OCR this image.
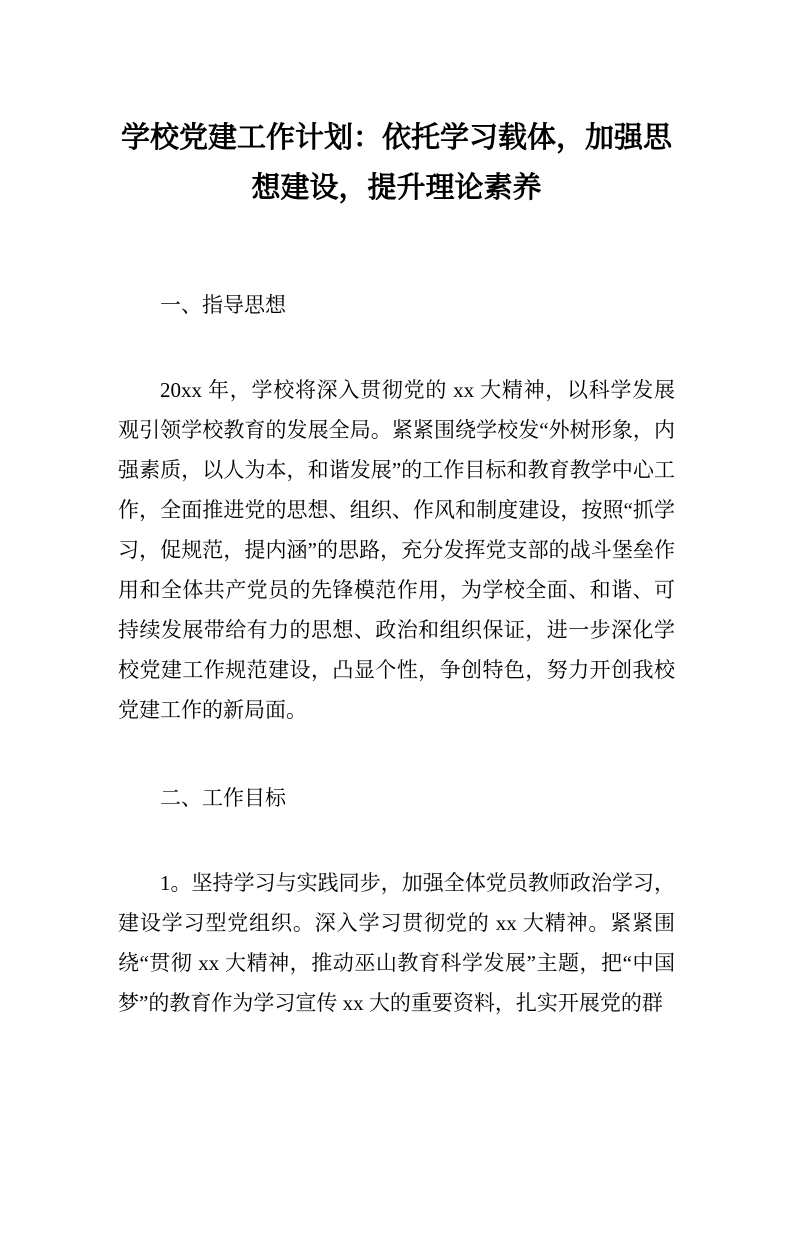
学校党建工作计划：依托学习载体，加强思想建设，提升理论素养
一、指导思想

20xx 年，学校将深入贯彻党的 xx 大精神，以科学发展观引领学校教育的发展全局。紧紧围绕学校发“外树形象，内强素质，以人为本，和谐发展”的工作目标和教育教学中心工作，全面推进党的思想、组织、作风和制度建设，按照“抓学习，促规范，提内涵”的思路，充分发挥党支部的战斗堡垒作用和全体共产党员的先锋模范作用，为学校全面、和谐、可持续发展带给有力的思想、政治和组织保证，进一步深化学校党建工作规范建设，凸显个性，争创特色，努力开创我校党建工作的新局面。

二、工作目标

1。坚持学习与实践同步，加强全体党员教师政治学习，建设学习型党组织。深入学习贯彻党的 xx 大精神。紧紧围绕“贯彻 xx 大精神，推动巫山教育科学发展”主题，把“中国梦”的教育作为学习宣传 xx 大的重要资料，扎实开展党的群
